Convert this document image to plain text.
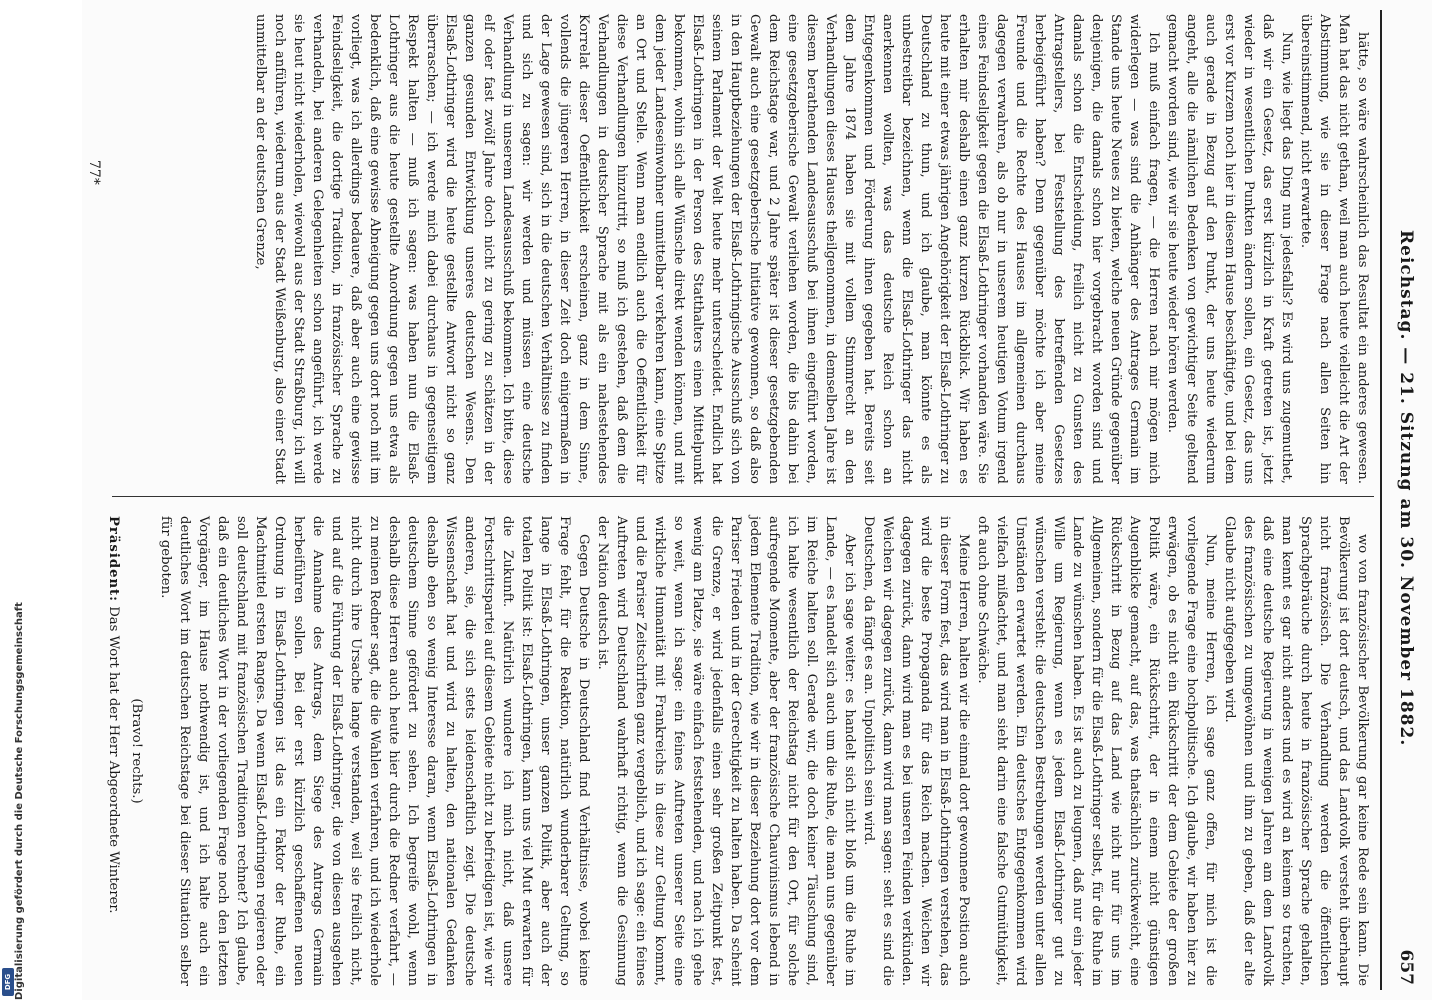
Reichstag. — 21. Sitzung am 30. November 1882.
657

hätte, so wäre wahrscheinlich das Resultat ein anderes gewesen. Man hat das nicht gethan, weil man auch heute vielleicht die Art der Abstimmung, wie sie in dieser Frage nach allen Seiten hin übereinstimmend, nicht erwartete.

Nun, wie liegt das Ding nun jedesfalls? Es wird uns zugemuthet, daß wir ein Gesetz, das erst kürzlich in Kraft getreten ist, jetzt wieder in wesentlichen Punkten ändern sollen, ein Gesetz, das uns erst vor Kurzem noch hier in diesem Hause beschäftigte, und bei dem auch gerade in Bezug auf den Punkt, der uns heute wiederum angeht, alle die nämlichen Bedenken von gewichtiger Seite geltend gemacht worden sind, wie wir sie heute wieder hören werden.

Ich muß einfach fragen, — die Herren nach mir mögen mich widerlegen — was sind die Anhänger des Antrages Germain im Stande uns heute Neues zu bieten, welche neuen Gründe gegenüber denjenigen, die damals schon hier vorgebracht worden sind und damals schon die Entscheidung, freilich nicht zu Gunsten des Antragstellers, bei Feststellung des betreffenden Gesetzes herbeigeführt haben? Denn gegenüber möchte ich aber meine Freunde und die Rechte des Hauses im allgemeinen durchaus dagegen verwahren, als ob nur in unserem heutigen Votum irgend eines Feindseligkeit gegen die Elsaß-Lothringer vorhanden wäre. Sie erhalten mir deshalb einen ganz kurzen Rückblick. Wir haben es heute mit einer etwas jährigen Angehörigkeit der Elsaß-Lothringer zu Deutschland zu thun, und ich glaube, man könnte es als unbestreitbar bezeichnen, wenn die Elsaß-Lothringer das nicht anerkennen wollten, was das deutsche Reich schon an Entgegenkommen und Förderung ihnen gegeben hat. Bereits seit dem Jahre 1874 haben sie mit vollem Stimmrecht an den Verhandlungen dieses Hauses theilgenommen, in demselben Jahre ist diesem berathenden Landesausschuß bei ihnen eingeführt worden, eine gesetzgeberische Gewalt verliehen worden, die bis dahin bei dem Reichstage war, und 2 Jahre später ist dieser gesetzgebenden Gewalt auch eine gesetzgeberische Initiative gewonnen, so daß also in den Hauptbeziehungen der Elsaß-Lothringische Ausschuß sich von seinem Parlament der Welt heute mehr unterscheidet. Endlich hat Elsaß-Lothringen in der Person des Statthalters einen Mittelpunkt bekommen, wohin sich alle Wünsche direkt wenden können, und mit dem jeder Landeseinwohner unmittelbar verkehren kann, eine Spitze an Ort und Stelle. Wenn man endlich auch die Oeffentlichkeit für diese Verhandlungen hinzutritt, so muß ich gestehen, daß dem die Verhandlungen in deutscher Sprache mit als ein nahestehendes Korrelat dieser Oeffentlichkeit erscheinen, ganz in dem Sinne, vollends die jüngeren Herren, in dieser Zeit doch einigermaßen in der Lage gewesen sind, sich in die deutschen Verhältnisse zu finden und sich zu sagen: wir werden und müssen eine deutsche Verhandlung in unserem Landesausschuß bekommen. Ich bitte, diese elf oder fast zwölf Jahre doch nicht zu gering zu schätzen in der ganzen gesunden Entwicklung unseres deutschen Wesens. Den Elsaß-Lothringer wird die heute gestellte Antwort nicht so ganz überraschen; — ich werde mich dabei durchaus in gegenseitigem Respekt halten — muß ich sagen: was haben nun die Elsaß-Lothringer aus die heute gestellte Anordnung gegen uns etwa als bedenklich, daß eine gewisse Abneigung gegen uns dort noch mit im vorliegt, was ich allerdings bedauere, daß aber auch eine gewisse Feindseligkeit, die dortige Tradition, in französischer Sprache zu verhandeln, bei anderen Gelegenheiten schon angeführt, ich werde sie heut nicht wiederholen, wiewohl aus der Stadt Straßburg, ich will noch anführen, wiederum aus der Stadt Weißenburg, also einer Stadt unmittelbar an der deutschen Grenze,

wo von französischer Bevölkerung gar keine Rede sein kann. Die Bevölkerung ist dort deutsch, und das Landvolk versteht überhaupt nicht französisch. Die Verhandlung werden die öffentlichen Sprachgebräuche durch heute in französischer Sprache gehalten, man kennt es gar nicht anders und es wird an keinem so trachten, daß eine deutsche Regierung in wenigen Jahren am dem Landvolk des französischen zu umgewöhnen und ihm zu geben, daß der alte Glaube nicht aufgegeben wird.

Nun, meine Herren, ich sage ganz offen, für mich ist die vorliegende Frage eine hochpolitische. Ich glaube, wir haben hier zu erwägen, ob es nicht ein Rückschritt der dem Gebiete der großen Politik wäre, ein Rückschritt, der in einem nicht günstigen Augenblicke gemacht, auf das, was thatsächlich zurückweicht, eine Rückschritt in Bezug auf das Land wie nicht nur für uns im Allgemeinen, sondern für die Elsaß-Lothringer selbst, für die Ruhe im Lande zu wünschen haben. Es ist auch zu leugnen, daß nur ein jeder Wille um Regierung, wenn es jedem Elsaß-Lothringer gut zu wünschen versteht: die deutschen Bestrebungen werden unter allen Umständen erwartet werden. Ein deutsches Entgegenkommen wird vielfach mißachtet, und man sieht darin eine falsche Gutmüthigkeit, oft auch ohne Schwäche.

Meine Herren, halten wir die einmal dort gewonnene Position auch in dieser Form fest, das wird man in Elsaß-Lothringen verstehen, das wird die beste Propaganda für das Reich machen. Weichen wir dagegen zurück, dann wird man es bei unseren Feinden verkünden. Weichen wir dagegen zurück, dann wird man sagen: seht es sind die Deutschen, da fängt es an. Unpolitisch sein wird.

Aber ich sage weiter: es handelt sich nicht bloß um die Ruhe im Lande, — es handelt sich auch um die Ruhe, die man uns gegenüber im Reiche halten soll. Gerade wir, die doch keiner Täuschung sind, ich halte wesentlich der Reichstag nicht für den Ort, für solche aufregende Momente, aber der französische Chauvinismus lebend in jedem Elemente Tradition, wie wir in dieser Beziehung dort vor dem Pariser Frieden und in der Gerechtigkeit zu halten haben. Da scheint die Grenze, er wird jedenfalls einen sehr großen Zeitpunkt fest, wenig am Platze, sie wäre einfach feststehenden, und nach ich gehe so weit, wenn ich sage: ein feines Auftreten unserer Seite eine wirkliche Humanität mit Frankreichs in diese zur Geltung kommt, und die Pariser Zeitschriften ganz vergeblich, und ich sage: ein feines Auftreten wird Deutschland wahrhaft richtig, wenn die Gesinnung der Nation deutsch ist.

Gegen Deutsche in Deutschland find Verhältnisse, wobei keine Frage fehlt, für die Reaktion, natürlich wunderbarer Geltung, so lange in Elsaß-Lothringen, unser ganzen Politik, aber auch der totalen Politik ist: Elsaß-Lothringen, kann uns viel Mut erwarten für die Zukunft. Natürlich wundere ich mich nicht, daß unsere Fortschrittspartei auf diesem Gebiete nicht zu befriedigen ist, wie wir anderen, sie, die sich stets leidenschaftlich zeigt. Die deutsche Wissenschaft hat und wird zu halten, den nationalen Gedanken deshalb eben so wenig Interesse daran, wenn Elsaß-Lothringen in deutschem Sinne gefördert zu sehen. Ich begreife wohl, wenn deshalb diese Herren auch heute hier durch die Redner verfahrt, — zu meinen Redner sagt, die die Wahlen verfahren, und ich wiederhole nicht durch ihre Ursache lange verstanden, weil sie freilich nicht, und auf die Führung der Elsaß-Lothringer, die von diesen ausgehen die Annahme des Antrags, dem Siege des Antrags Germain herbeiführen sollen. Bei der erst kürzlich geschaffenen neuen Ordnung in Elsaß-Lothringen ist das ein Faktor der Ruhe, ein Machtmittel ersten Ranges. Da wenn Elsaß-Lothringen regieren oder soll deutschland mit französischen Traditionen rechnet? Ich glaube, daß ein deutliches Wort in der vorliegenden Frage noch den letzten Vorgänger, im Hause nothwendig ist, und ich halte auch ein deutliches Wort im deutschen Reichstage bei dieser Situation selber für geboten.

(Bravo! rechts.)

Präsident: Das Wort hat der Herr Abgeordnete Winterer.

77*
Digitalisierung gefördert durch die Deutsche Forschungsgemeinschaft
DFG
